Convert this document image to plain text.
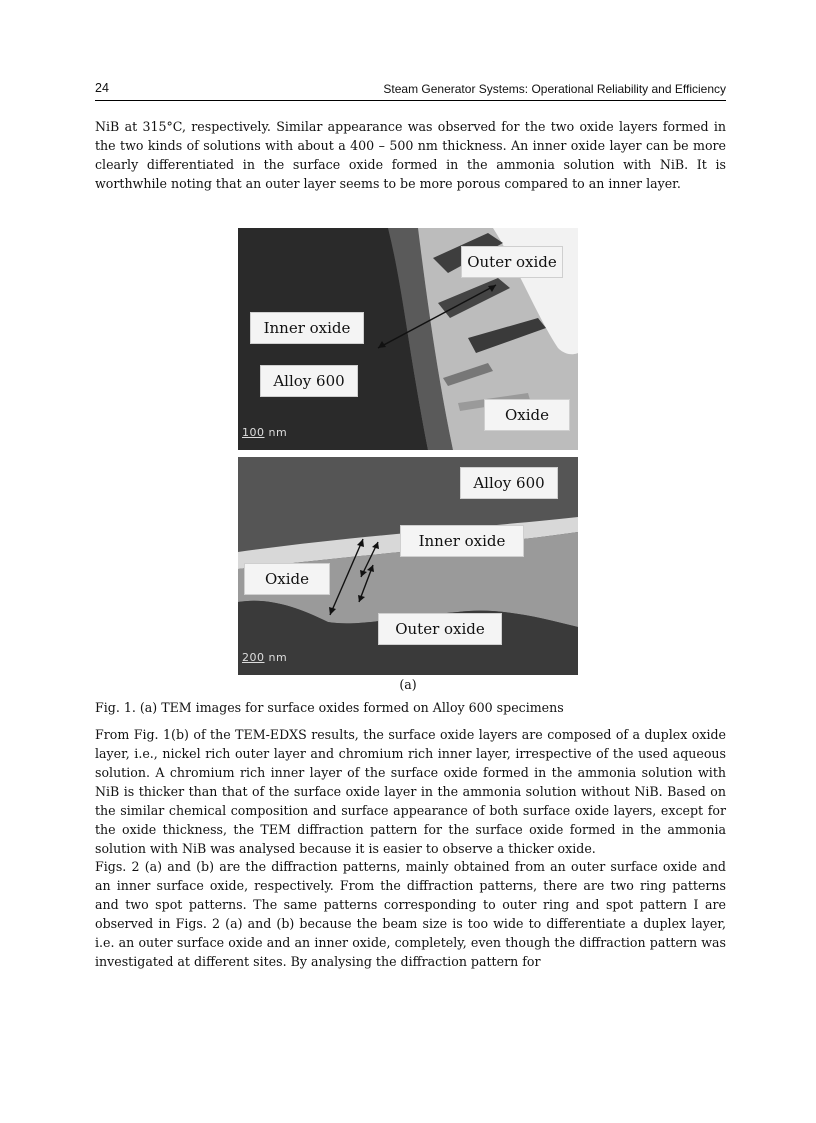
24	Steam Generator Systems: Operational Reliability and Efficiency

NiB at 315°C, respectively. Similar appearance was observed for the two oxide layers formed in the two kinds of solutions with about a 400 – 500 nm thickness. An inner oxide layer can be more clearly differentiated in the surface oxide formed in the ammonia solution with NiB. It is worthwhile noting that an outer layer seems to be more porous compared to an inner layer.

Outer oxide
Inner oxide
Alloy 600
Oxide
100 nm
Alloy 600
Inner oxide
Oxide
Outer oxide
200 nm
(a)
Fig. 1. (a) TEM images for surface oxides formed on Alloy 600 specimens

From Fig. 1(b) of the TEM-EDXS results, the surface oxide layers are composed of a duplex oxide layer, i.e., nickel rich outer layer and chromium rich inner layer, irrespective of the used aqueous solution. A chromium rich inner layer of the surface oxide formed in the ammonia solution with NiB is thicker than that of the surface oxide layer in the ammonia solution without NiB. Based on the similar chemical composition and surface appearance of both surface oxide layers, except for the oxide thickness, the TEM diffraction pattern for the surface oxide formed in the ammonia solution with NiB was analysed because it is easier to observe a thicker oxide.

Figs. 2 (a) and (b) are the diffraction patterns, mainly obtained from an outer surface oxide and an inner surface oxide, respectively. From the diffraction patterns, there are two ring patterns and two spot patterns. The same patterns corresponding to outer ring and spot pattern I are observed in Figs. 2 (a) and (b) because the beam size is too wide to differentiate a duplex layer, i.e. an outer surface oxide and an inner oxide, completely, even though the diffraction pattern was investigated at different sites. By analysing the diffraction pattern for
